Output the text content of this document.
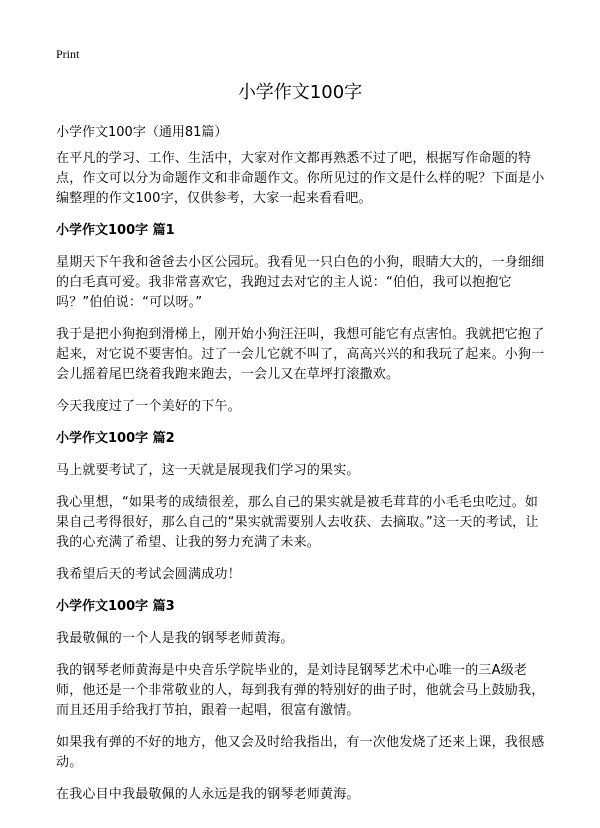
Print
小学作文100字

小学作文100字（通用81篇）

在平凡的学习、工作、生活中，大家对作文都再熟悉不过了吧，根据写作命题的特点，作文可以分为命题作文和非命题作文。你所见过的作文是什么样的呢？下面是小编整理的作文100字，仅供参考，大家一起来看看吧。

小学作文100字 篇1

星期天下午我和爸爸去小区公园玩。我看见一只白色的小狗，眼睛大大的，一身细细的白毛真可爱。我非常喜欢它，我跑过去对它的主人说：“伯伯，我可以抱抱它吗？”伯伯说：“可以呀。”

我于是把小狗抱到滑梯上，刚开始小狗汪汪叫，我想可能它有点害怕。我就把它抱了起来，对它说不要害怕。过了一会儿它就不叫了，高高兴兴的和我玩了起来。小狗一会儿摇着尾巴绕着我跑来跑去，一会儿又在草坪打滚撒欢。

今天我度过了一个美好的下午。

小学作文100字 篇2

马上就要考试了，这一天就是展现我们学习的果实。

我心里想，“如果考的成绩很差，那么自己的果实就是被毛茸茸的小毛毛虫吃过。如果自己考得很好，那么自己的“果实就需要别人去收获、去摘取。”这一天的考试，让我的心充满了希望、让我的努力充满了未来。

我希望后天的考试会圆满成功！

小学作文100字 篇3

我最敬佩的一个人是我的钢琴老师黄海。

我的钢琴老师黄海是中央音乐学院毕业的，是刘诗昆钢琴艺术中心唯一的三A级老师，他还是一个非常敬业的人，每到我有弹的特别好的曲子时，他就会马上鼓励我，而且还用手给我打节拍，跟着一起唱，很富有激情。

如果我有弹的不好的地方，他又会及时给我指出，有一次他发烧了还来上课，我很感动。

在我心目中我最敬佩的人永远是我的钢琴老师黄海。
